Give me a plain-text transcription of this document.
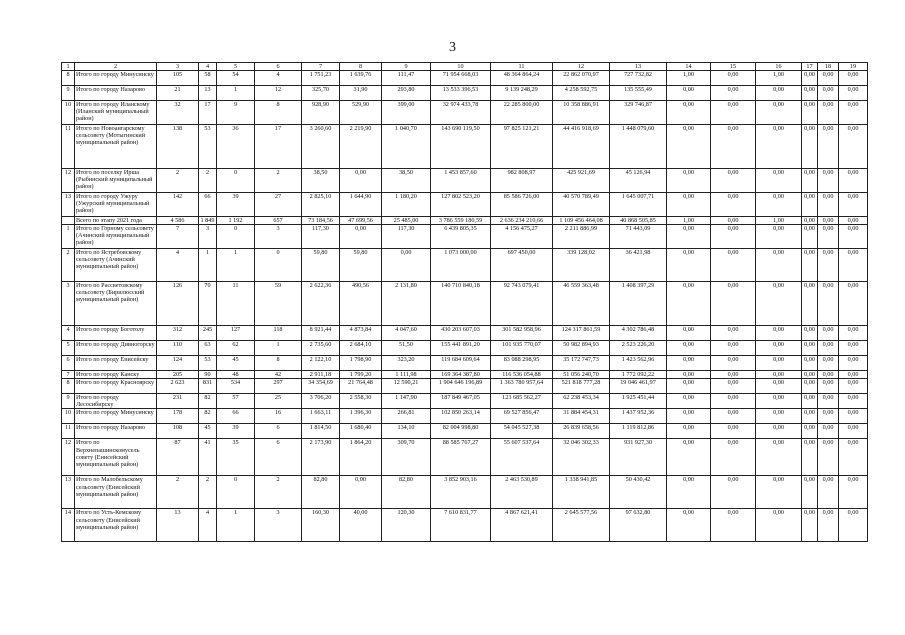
3
1	2	3	4	5	6	7	8	9	10	11	12	13	14	15	16	17	18	19
8	Итого по городу Минусинску	105	58	54	4	1 751,23	1 639,76	111,47	71 954 668,03	48 364 864,24	22 862 070,97	727 732,82	1,00	0,00	1,00	0,00	0,00	0,00
9	Итого по городу Назарово	21	13	1	12	325,70	31,90	293,80	13 533 396,53	9 139 248,29	4 258 592,75	135 555,49	0,00	0,00	0,00	0,00	0,00	0,00
10	Итого по городу Иланскому (Иланский муниципальный район)	32	17	9	8	928,90	529,90	399,00	32 974 433,78	22 285 800,00	10 358 886,91	329 746,87	0,00	0,00	0,00	0,00	0,00	0,00
11	Итого по Новоангарскому сельсовету (Мотыгинский муниципальный район)	138	53	36	17	3 260,60	2 219,90	1 040,70	143 690 119,50	97 825 121,21	44 416 918,69	1 448 079,60	0,00	0,00	0,00	0,00	0,00	0,00
12	Итого по поселку Ирша (Рыбинский муниципальный район)	2	2	0	2	38,50	0,00	38,50	1 453 857,60	982 808,97	425 921,69	45 126,94	0,00	0,00	0,00	0,00	0,00	0,00
13	Итого по городу Ужуру (Ужурский муниципальный район)	142	66	39	27	2 825,10	1 644,90	1 180,20	127 802 523,20	85 586 726,00	40 570 789,49	1 645 007,71	0,00	0,00	0,00	0,00	0,00	0,00
	Всего по этапу 2021 года	4 586	1 849	1 192	657	73 184,56	47 699,56	25 485,00	3 786 559 180,59	2 636 234 210,66	1 109 456 464,08	40 868 505,85	1,00	0,00	1,00	0,00	0,00	0,00
1	Итого по Горному сельсовету (Ачинский муниципальный район)	7	3	0	3	117,30	0,00	117,30	6 439 805,35	4 156 475,27	2 211 886,99	71 443,09	0,00	0,00	0,00	0,00	0,00	0,00
2	Итого по Ястребовскому сельсовету (Ачинский муниципальный район)	4	1	1	0	59,80	59,80	0,00	1 073 000,00	697 450,00	339 128,02	36 421,98	0,00	0,00	0,00	0,00	0,00	0,00
3	Итого по Рассветовскому сельсовету (Бирилюсский муниципальный район)	126	70	11	59	2 622,36	490,56	2 131,80	140 710 840,18	92 743 079,41	46 559 363,48	1 408 397,29	0,00	0,00	0,00	0,00	0,00	0,00
4	Итого по городу Боготолу	312	245	127	118	8 921,44	4 873,84	4 047,60	430 203 607,03	301 582 958,96	124 317 861,59	4 302 786,48	0,00	0,00	0,00	0,00	0,00	0,00
5	Итого по городу Дивногорску	110	63	62	1	2 735,60	2 684,10	51,50	155 441 891,20	101 935 770,07	50 982 894,93	2 523 226,20	0,00	0,00	0,00	0,00	0,00	0,00
6	Итого по городу Енисейску	124	53	45	8	2 122,10	1 798,90	323,20	119 684 609,64	83 088 298,95	35 172 747,73	1 423 562,96	0,00	0,00	0,00	0,00	0,00	0,00
7	Итого по городу Канску	205	90	48	42	2 911,18	1 799,20	1 111,98	169 364 387,80	116 536 054,88	51 056 240,70	1 772 092,22	0,00	0,00	0,00	0,00	0,00	0,00
8	Итого по городу Красноярску	2 623	831	534	297	34 354,69	21 764,48	12 590,21	1 904 646 196,89	1 363 780 957,64	521 818 777,28	19 046 461,97	0,00	0,00	0,00	0,00	0,00	0,00
9	Итого по городу Лесосибирску	231	82	57	25	3 706,20	2 558,30	1 147,90	187 849 467,05	123 685 562,27	62 238 453,34	1 925 451,44	0,00	0,00	0,00	0,00	0,00	0,00
10	Итого по городу Минусинску	178	82	66	16	1 663,11	1 396,30	266,81	102 850 263,14	69 527 856,47	31 884 454,31	1 437 952,36	0,00	0,00	0,00	0,00	0,00	0,00
11	Итого по городу Назарово	108	45	39	6	1 814,50	1 680,40	134,10	82 004 998,80	54 045 527,38	26 839 658,56	1 119 812,86	0,00	0,00	0,00	0,00	0,00	0,00
12	Итого по Верхнепашинскомусель совету (Енисейский муниципальный район)	87	41	35	6	2 173,90	1 864,20	309,70	88 585 767,27	55 607 537,64	32 046 302,33	931 927,30	0,00	0,00	0,00	0,00	0,00	0,00
13	Итого по Малобельскому сельсовету (Енисейский муниципальный район)	2	2	0	2	82,80	0,00	82,80	3 852 903,16	2 463 530,89	1 338 941,85	50 430,42	0,00	0,00	0,00	0,00	0,00	0,00
14	Итого по Усть-Кемскому сельсовету (Енисейский муниципальный район)	13	4	1	3	160,30	40,00	120,30	7 610 831,77	4 867 621,41	2 645 577,56	97 632,80	0,00	0,00	0,00	0,00	0,00	0,00
